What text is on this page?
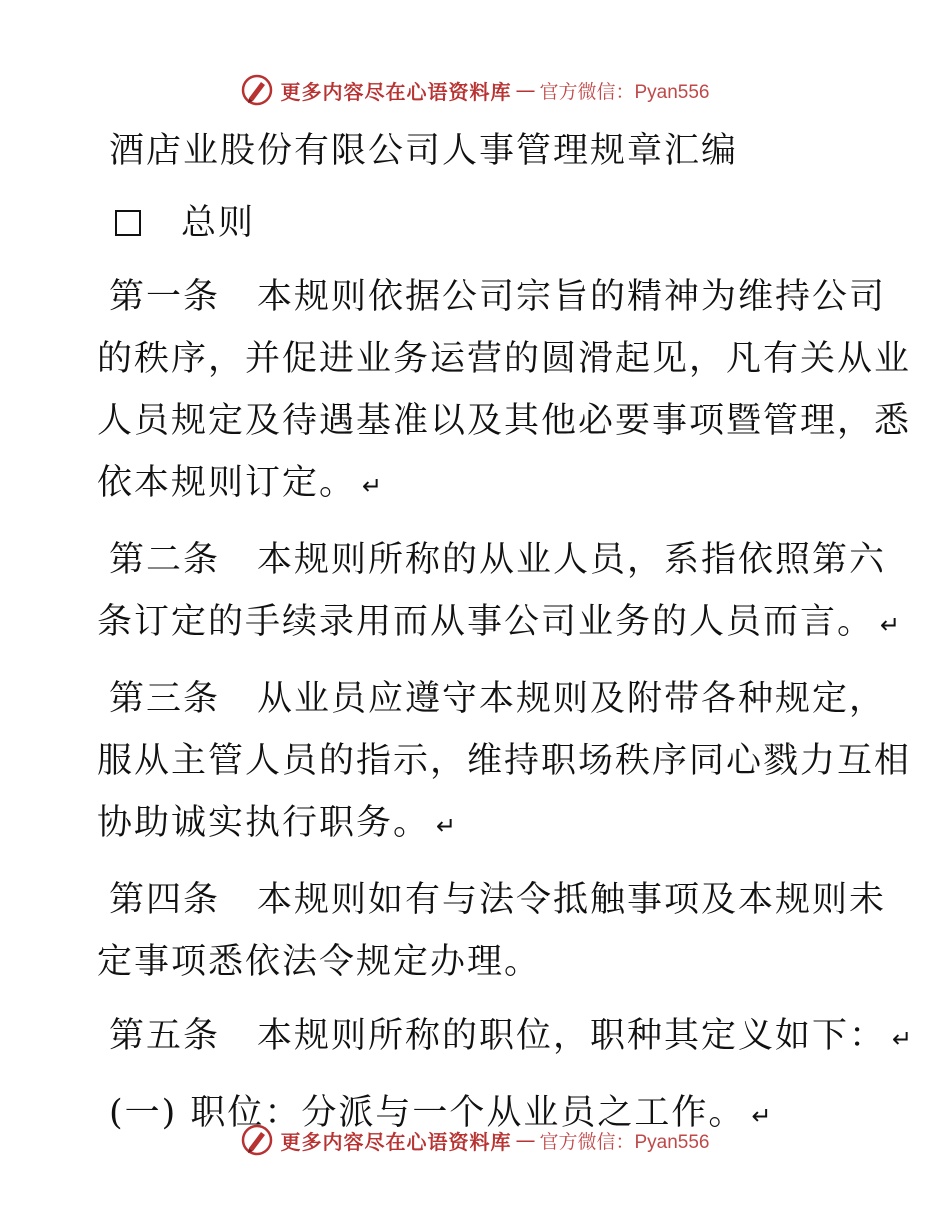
更多内容尽在心语资料库 — 官方微信：Pyan556
酒店业股份有限公司人事管理规章汇编
总则
第一条　本规则依据公司宗旨的精神为维持公司
的秩序，并促进业务运营的圆滑起见，凡有关从业
人员规定及待遇基准以及其他必要事项暨管理，悉
依本规则订定。 ↵
第二条　本规则所称的从业人员，系指依照第六
条订定的手续录用而从事公司业务的人员而言。 ↵
第三条　从业员应遵守本规则及附带各种规定，
服从主管人员的指示，维持职场秩序同心戮力互相
协助诚实执行职务。 ↵
第四条　本规则如有与法令抵触事项及本规则未
定事项悉依法令规定办理。
第五条　本规则所称的职位，职种其定义如下： ↵
(一) 职位：分派与一个从业员之工作。 ↵
更多内容尽在心语资料库 — 官方微信：Pyan556
